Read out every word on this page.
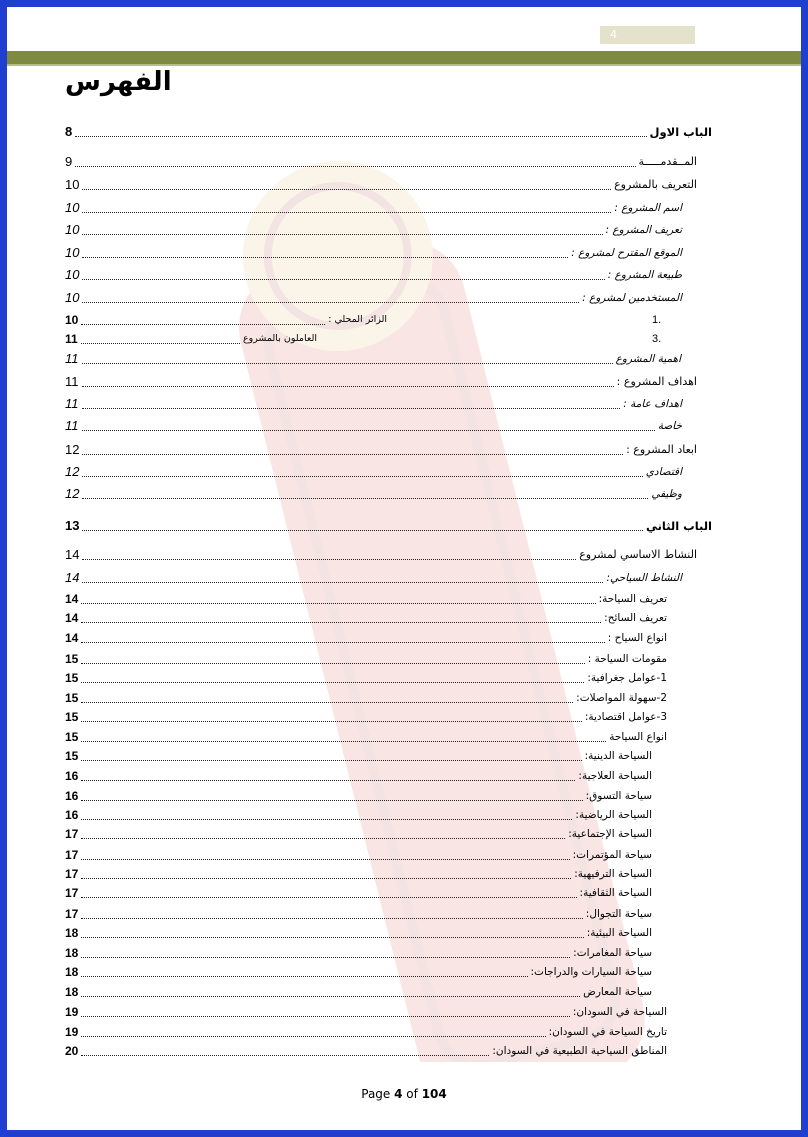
4
الفهرس
8	الباب الاول
9	المــقدمـــــة
10	التعريف بالمشروع
10	اسم المشروع :
10	تعريف المشروع :
10	الموقع المقترح لمشروع :
10	طبيعة المشروع :
10	المستخدمين لمشروع :
10	الزائر المحلي :	1.
11	العاملون بالمشروع	3.
11	اهمية المشروع
11	اهداف المشروع :
11	اهداف عامة :
11	خاصة
12	ابعاد المشروع :
12	اقتصادي
12	وظيفي
13	الباب الثاني
14	النشاط الاساسي لمشروع
14	النشاط السياحي:
14	تعريف السياحة:
14	تعريف السائح:
14	انواع السياح :
15	مقومات السياحة :
15	1-عوامل جغرافية:
15	2-سهولة المواصلات:
15	3-عوامل اقتصادية:
15	انواع السياحة
15	السياحة الدينية:
16	السياحة العلاجية:
16	سياحة التسوق:
16	السياحة الرياضية:
17	السياحة الإجتماعية:
17	سياحة المؤتمرات:
17	السياحة الترفيهية:
17	السياحة الثقافية:
17	سياحة التجوال:
18	السياحة البيئية:
18	سياحة المغامرات:
18	سياحة السيارات والدراجات:
18	سياحة المعارض
19	السياحة في السودان:
19	تاريخ السياحة في السودان:
20	المناطق السياحية الطبيعية في السودان:
Page 4 of 104
